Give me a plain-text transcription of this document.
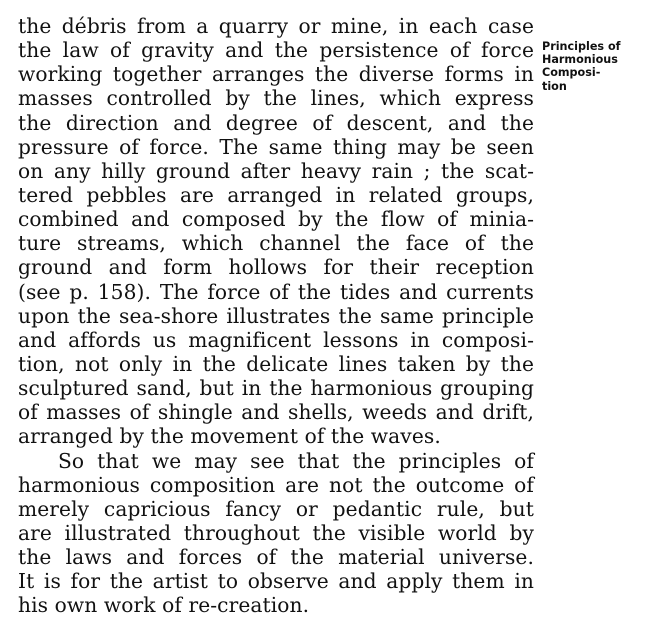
the débris from a quarry or mine, in each case
the law of gravity and the persistence of force
working together arranges the diverse forms in
masses controlled by the lines, which express
the direction and degree of descent, and the
pressure of force. The same thing may be seen
on any hilly ground after heavy rain ; the scat-
tered pebbles are arranged in related groups,
combined and composed by the flow of minia-
ture streams, which channel the face of the
ground and form hollows for their reception
(see p. 158). The force of the tides and currents
upon the sea-shore illustrates the same principle
and affords us magnificent lessons in composi-
tion, not only in the delicate lines taken by the
sculptured sand, but in the harmonious grouping
of masses of shingle and shells, weeds and drift,
arranged by the movement of the waves.
So that we may see that the principles of
harmonious composition are not the outcome of
merely capricious fancy or pedantic rule, but
are illustrated throughout the visible world by
the laws and forces of the material universe.
It is for the artist to observe and apply them in
his own work of re-creation.
Principles of
Harmonious
Composi-
tion
